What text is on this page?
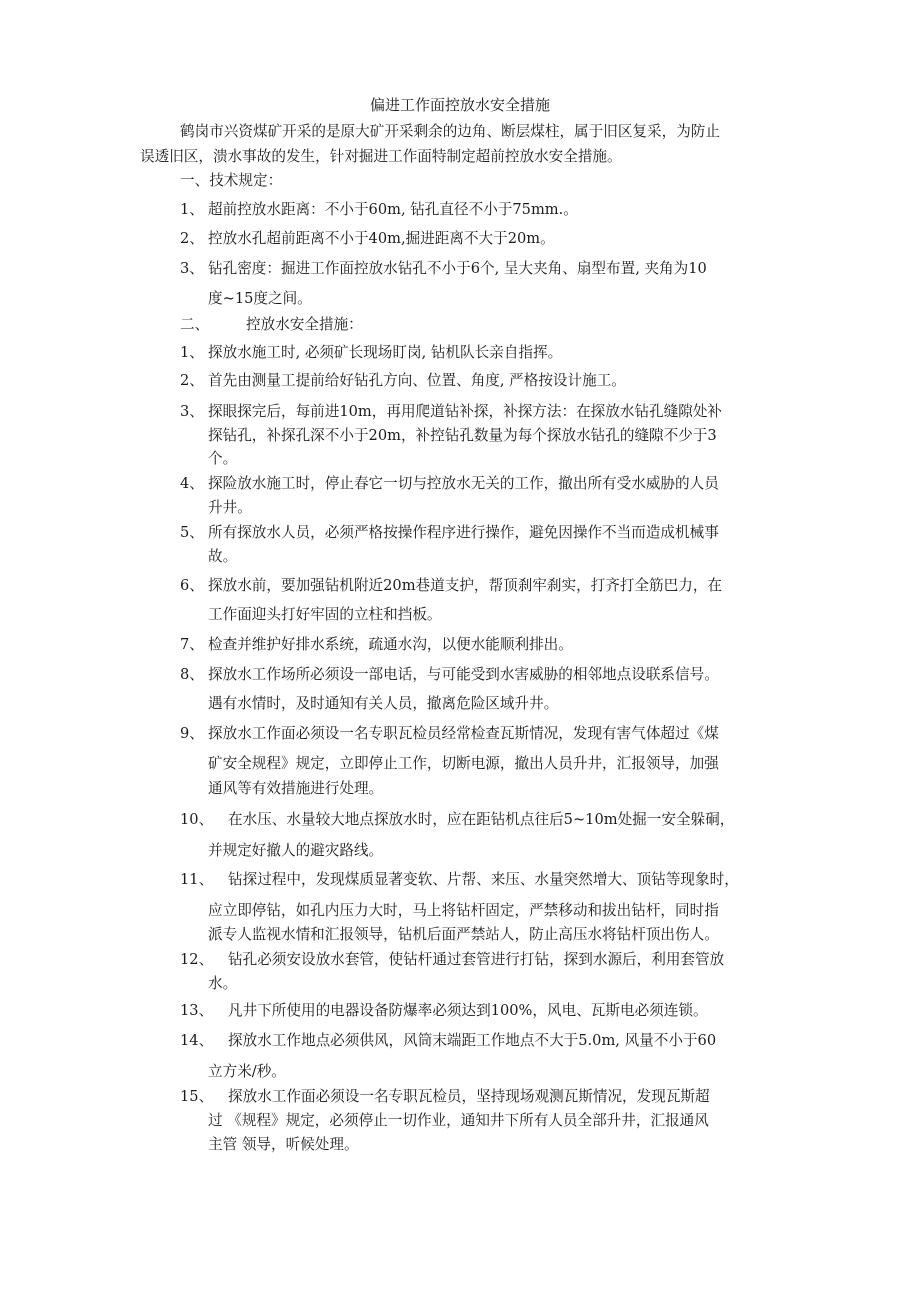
偏进工作面控放水安全措施
鹤岗市兴资煤矿开采的是原大矿开采剩余的边角、断层煤柱，属于旧区复采，为防止
误透旧区，溃水事故的发生，针对掘进工作面特制定超前控放水安全措施。
一、技术规定：
1、 超前控放水距离：不小于60m, 钻孔直径不小于75mm.。
2、 控放水孔超前距离不小于40m,掘进距离不大于20m。
3、 钻孔密度：掘进工作面控放水钻孔不小于6个, 呈大夹角、扇型布置, 夹角为10
度~15度之间。
二、	控放水安全措施：
1、 探放水施工时, 必须矿长现场盯岗, 钻机队长亲自指挥。
2、 首先由测量工提前给好钻孔方向、位置、角度, 严格按设计施工。
3、 探眼探完后，每前进10m，再用爬道钻补探，补探方法：在探放水钻孔缝隙处补
探钻孔，补探孔深不小于20m，补控钻孔数量为每个探放水钻孔的缝隙不少于3
个。
4、 探险放水施工时，停止春它一切与控放水无关的工作，撤出所有受水威胁的人员
升井。
5、 所有探放水人员，必须严格按操作程序进行操作，避免因操作不当而造成机械事
故。
6、 探放水前，要加强钻机附近20m巷道支护，帮顶刹牢刹实，打齐打全筋巴力，在
工作面迎头打好牢固的立柱和挡板。
7、 检查并维护好排水系统，疏通水沟，以便水能顺利排出。
8、 探放水工作场所必须设一部电话，与可能受到水害威胁的相邻地点设联系信号。
遇有水情时，及时通知有关人员，撤离危险区域升井。
9、 探放水工作面必须设一名专职瓦检员经常检查瓦斯情况，发现有害气体超过《煤
矿安全规程》规定，立即停止工作，切断电源，撤出人员升井，汇报领导，加强
通风等有效措施进行处理。
10、 在水压、水量较大地点探放水时，应在距钻机点往后5~10m处掘一安全躲硐，
并规定好撤人的避灾路线。
11、 钻探过程中，发现煤质显著变软、片帮、来压、水量突然增大、顶钻等现象时，
应立即停钻，如孔内压力大时，马上将钻杆固定，严禁移动和拔出钻杆，同时指
派专人监视水情和汇报领导，钻机后面严禁站人，防止高压水将钻杆顶出伤人。
12、 钻孔必须安设放水套管，使钻杆通过套管进行打钻，探到水源后，利用套管放
水。
13、 凡井下所使用的电器设备防爆率必须达到100%，风电、瓦斯电必须连锁。
14、 探放水工作地点必须供风，风筒末端距工作地点不大于5.0m, 风量不小于60
立方米/秒。
15、 探放水工作面必须设一名专职瓦检员，坚持现场观测瓦斯情况，发现瓦斯超
过 《规程》规定，必须停止一切作业，通知井下所有人员全部升井，汇报通风
主管 领导，听候处理。
